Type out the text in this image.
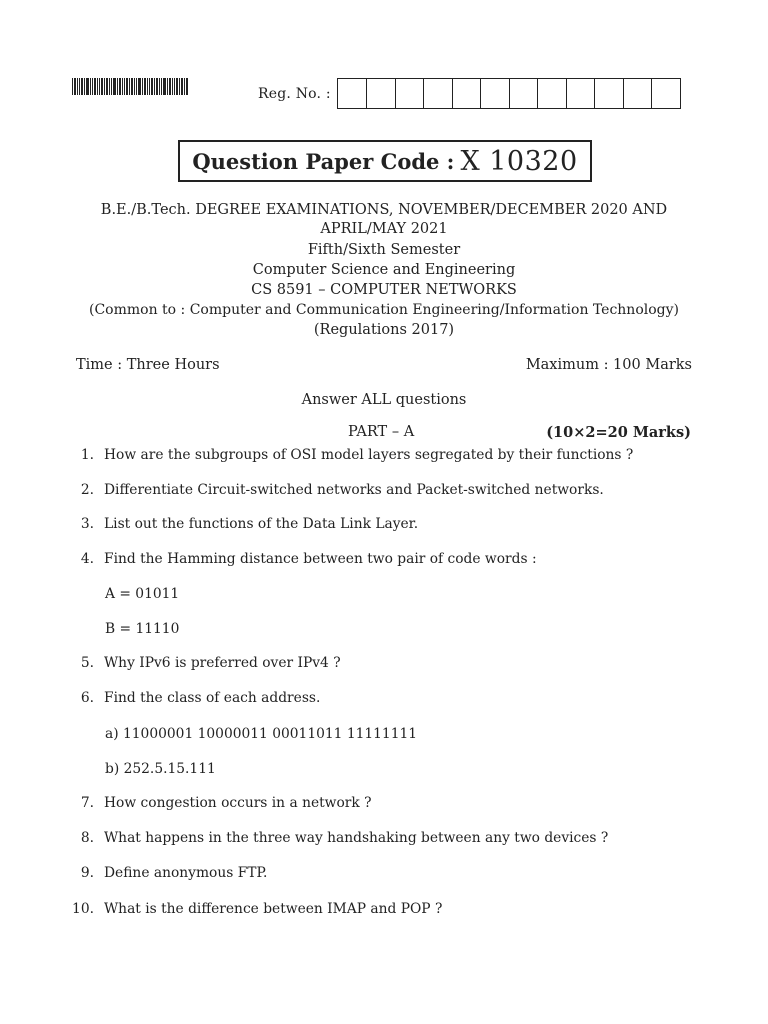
Reg. No. :
Question Paper Code : X 10320
B.E./B.Tech. DEGREE EXAMINATIONS, NOVEMBER/DECEMBER 2020 AND
APRIL/MAY 2021
Fifth/Sixth Semester
Computer Science and Engineering
CS 8591 – COMPUTER NETWORKS
(Common to : Computer and Communication Engineering/Information Technology)
(Regulations 2017)
Time : Three Hours	Maximum : 100 Marks
Answer ALL questions
PART – A	(10×2=20 Marks)
1. How are the subgroups of OSI model layers segregated by their functions ?
2. Differentiate Circuit-switched networks and Packet-switched networks.
3. List out the functions of the Data Link Layer.
4. Find the Hamming distance between two pair of code words :
A = 01011
B = 11110
5. Why IPv6 is preferred over IPv4 ?
6. Find the class of each address.
a) 11000001 10000011 00011011 11111111
b) 252.5.15.111
7. How congestion occurs in a network ?
8. What happens in the three way handshaking between any two devices ?
9. Define anonymous FTP.
10. What is the difference between IMAP and POP ?
